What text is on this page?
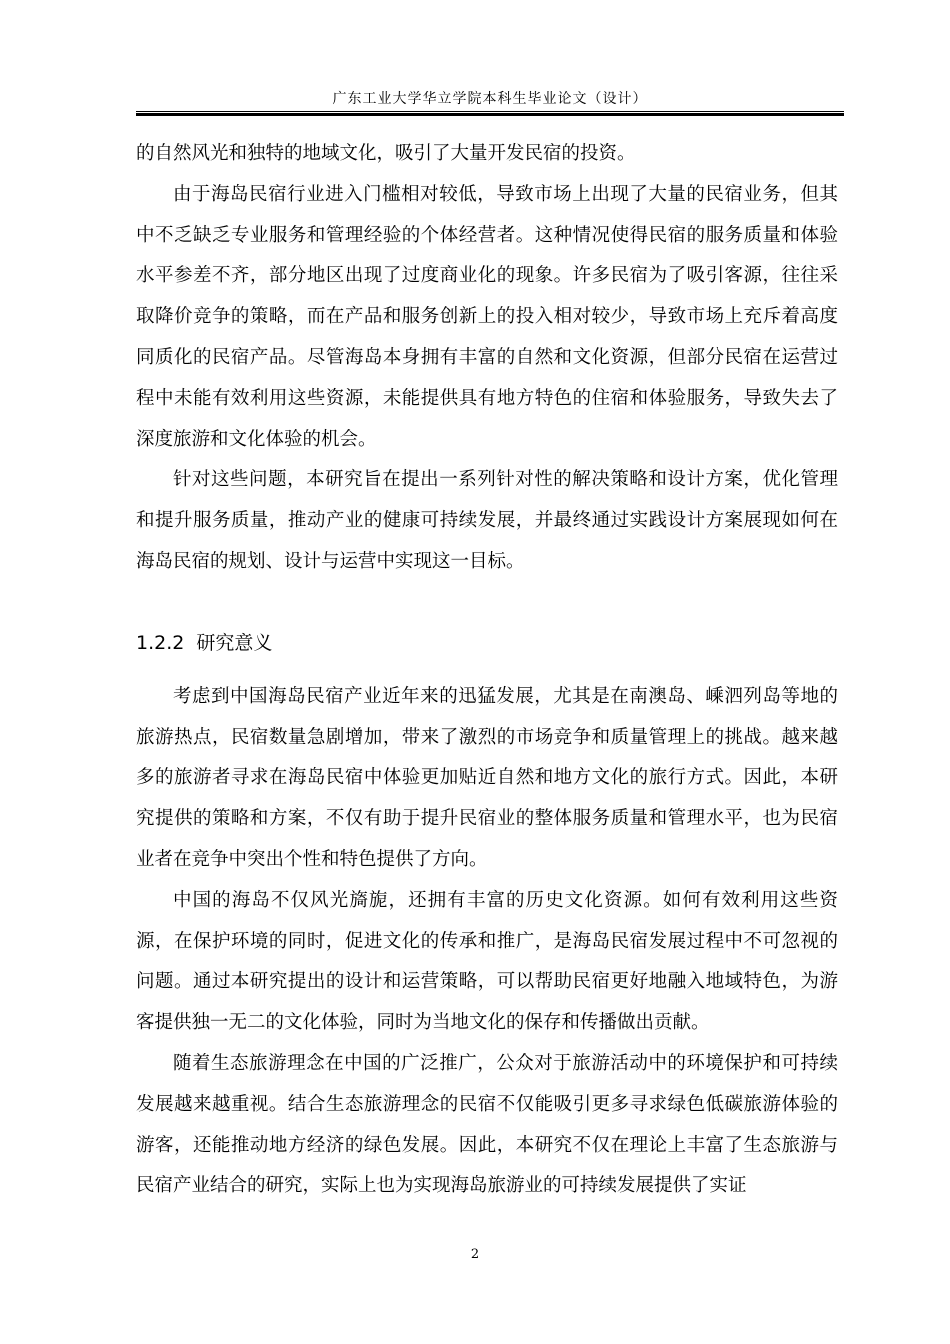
广东工业大学华立学院本科生毕业论文（设计）

的自然风光和独特的地域文化，吸引了大量开发民宿的投资。

由于海岛民宿行业进入门槛相对较低，导致市场上出现了大量的民宿业务，但其中不乏缺乏专业服务和管理经验的个体经营者。这种情况使得民宿的服务质量和体验水平参差不齐，部分地区出现了过度商业化的现象。许多民宿为了吸引客源，往往采取降价竞争的策略，而在产品和服务创新上的投入相对较少，导致市场上充斥着高度同质化的民宿产品。尽管海岛本身拥有丰富的自然和文化资源，但部分民宿在运营过程中未能有效利用这些资源，未能提供具有地方特色的住宿和体验服务，导致失去了深度旅游和文化体验的机会。

针对这些问题，本研究旨在提出一系列针对性的解决策略和设计方案，优化管理和提升服务质量，推动产业的健康可持续发展，并最终通过实践设计方案展现如何在海岛民宿的规划、设计与运营中实现这一目标。

1.2.2 研究意义

考虑到中国海岛民宿产业近年来的迅猛发展，尤其是在南澳岛、嵊泗列岛等地的旅游热点，民宿数量急剧增加，带来了激烈的市场竞争和质量管理上的挑战。越来越多的旅游者寻求在海岛民宿中体验更加贴近自然和地方文化的旅行方式。因此，本研究提供的策略和方案，不仅有助于提升民宿业的整体服务质量和管理水平，也为民宿业者在竞争中突出个性和特色提供了方向。

中国的海岛不仅风光旖旎，还拥有丰富的历史文化资源。如何有效利用这些资源，在保护环境的同时，促进文化的传承和推广，是海岛民宿发展过程中不可忽视的问题。通过本研究提出的设计和运营策略，可以帮助民宿更好地融入地域特色，为游客提供独一无二的文化体验，同时为当地文化的保存和传播做出贡献。

随着生态旅游理念在中国的广泛推广，公众对于旅游活动中的环境保护和可持续发展越来越重视。结合生态旅游理念的民宿不仅能吸引更多寻求绿色低碳旅游体验的游客，还能推动地方经济的绿色发展。因此，本研究不仅在理论上丰富了生态旅游与民宿产业结合的研究，实际上也为实现海岛旅游业的可持续发展提供了实证

2
